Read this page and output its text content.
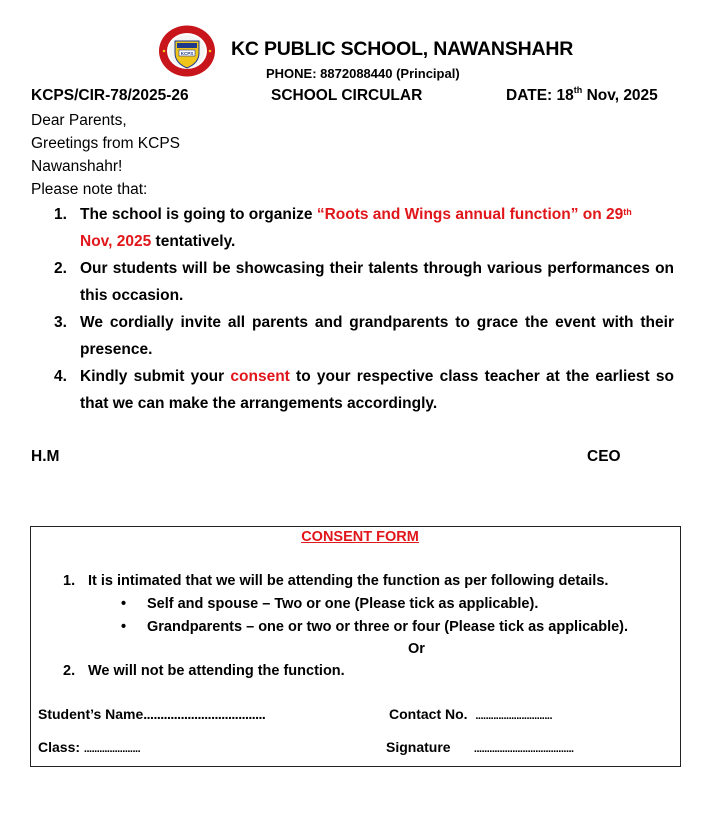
KCPS KC PUBLIC SCHOOL, NAWANSHAHR
PHONE: 8872088440 (Principal)
KCPS/CIR-78/2025-26	SCHOOL CIRCULAR	DATE: 18th Nov, 2025
Dear Parents,
Greetings from KCPS
Nawanshahr!
Please note that:
1. The school is going to organize “Roots and Wings annual function” on 29th
Nov, 2025 tentatively.
2. Our students will be showcasing their talents through various performances on this occasion.
3. We cordially invite all parents and grandparents to grace the event with their presence.
4. Kindly submit your consent to your respective class teacher at the earliest so that we can make the arrangements accordingly.
H.M	CEO
CONSENT FORM
1. It is intimated that we will be attending the function as per following details.
• Self and spouse – Two or one (Please tick as applicable).
• Grandparents – one or two or three or four (Please tick as applicable).
Or
2. We will not be attending the function.
Student’s Name....................................	Contact No. ..............................
Class: ......................	Signature .......................................
